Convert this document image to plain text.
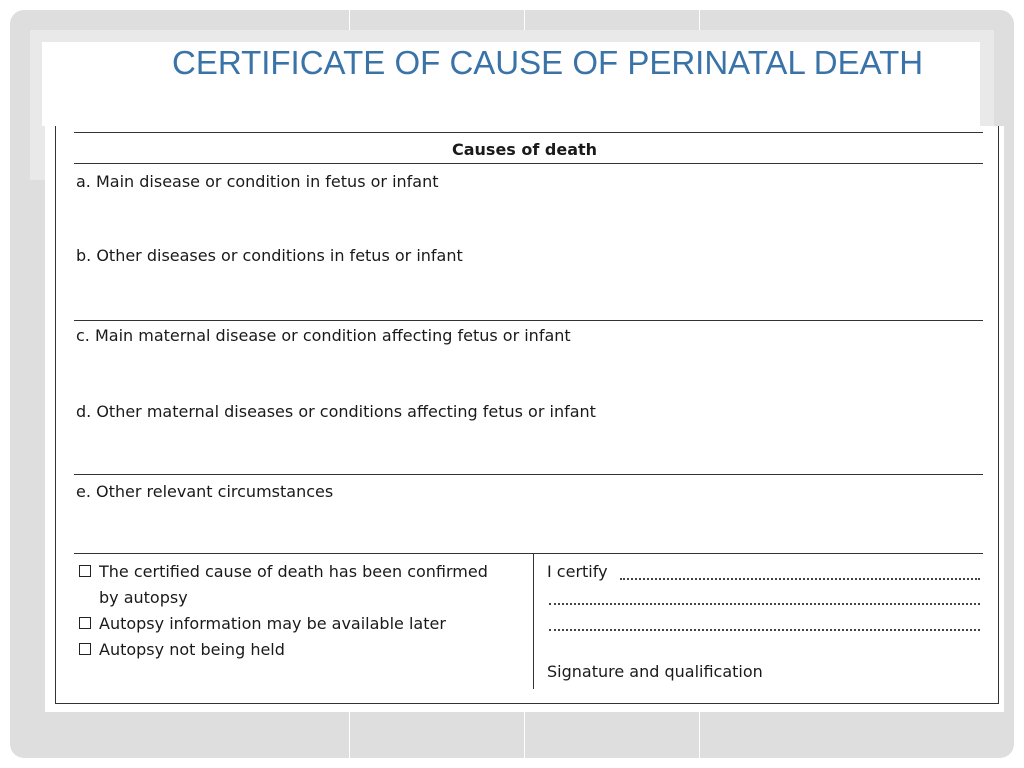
CERTIFICATE OF CAUSE OF PERINATAL DEATH
Causes of death
a. Main disease or condition in fetus or infant
b. Other diseases or conditions in fetus or infant
c. Main maternal disease or condition affecting fetus or infant
d. Other maternal diseases or conditions affecting fetus or infant
e. Other relevant circumstances
The certified cause of death has been confirmed
by autopsy
Autopsy information may be available later
Autopsy not being held
I certify
Signature and qualification
